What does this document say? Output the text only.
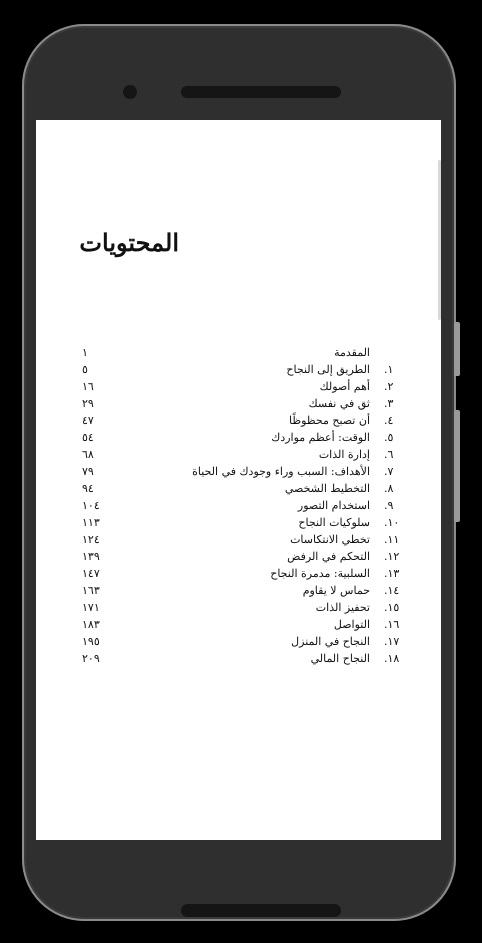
المحتويات
المقدمة
١
١.
الطريق إلى النجاح
٥
٢.
أهم أصولك
١٦
٣.
ثق في نفسك
٢٩
٤.
أن تصبح محظوظًا
٤٧
٥.
الوقت: أعظم مواردك
٥٤
٦.
إدارة الذات
٦٨
٧.
الأهداف: السبب وراء وجودك في الحياة
٧٩
٨.
التخطيط الشخصي
٩٤
٩.
استخدام التصور
١٠٤
١٠.
سلوكيات النجاح
١١٣
١١.
تخطي الانتكاسات
١٢٤
١٢.
التحكم في الرفض
١٣٩
١٣.
السلبية: مدمرة النجاح
١٤٧
١٤.
حماس لا يقاوم
١٦٣
١٥.
تحفيز الذات
١٧١
١٦.
التواصل
١٨٣
١٧.
النجاح في المنزل
١٩٥
١٨.
النجاح المالي
٢٠٩
